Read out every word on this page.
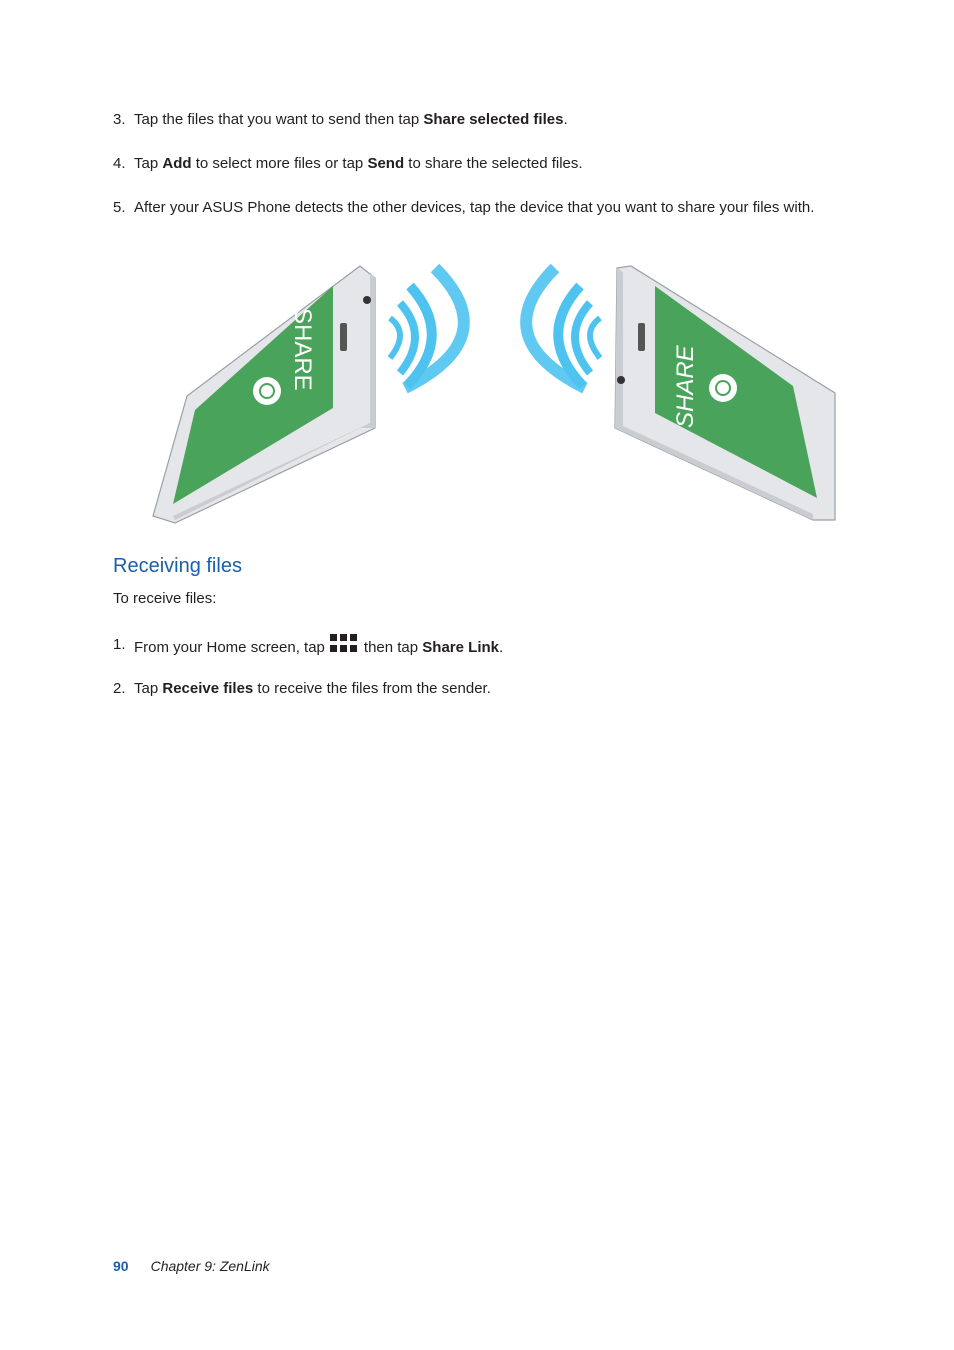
3. Tap the files that you want to send then tap Share selected files.
4. Tap Add to select more files or tap Send to share the selected files.
5. After your ASUS Phone detects the other devices, tap the device that you want to share your files with.
SHARE	SHARE
Receiving files
To receive files:
1. From your Home screen, tap	then tap Share Link.
2. Tap Receive files to receive the files from the sender.
90 Chapter 9: ZenLink
